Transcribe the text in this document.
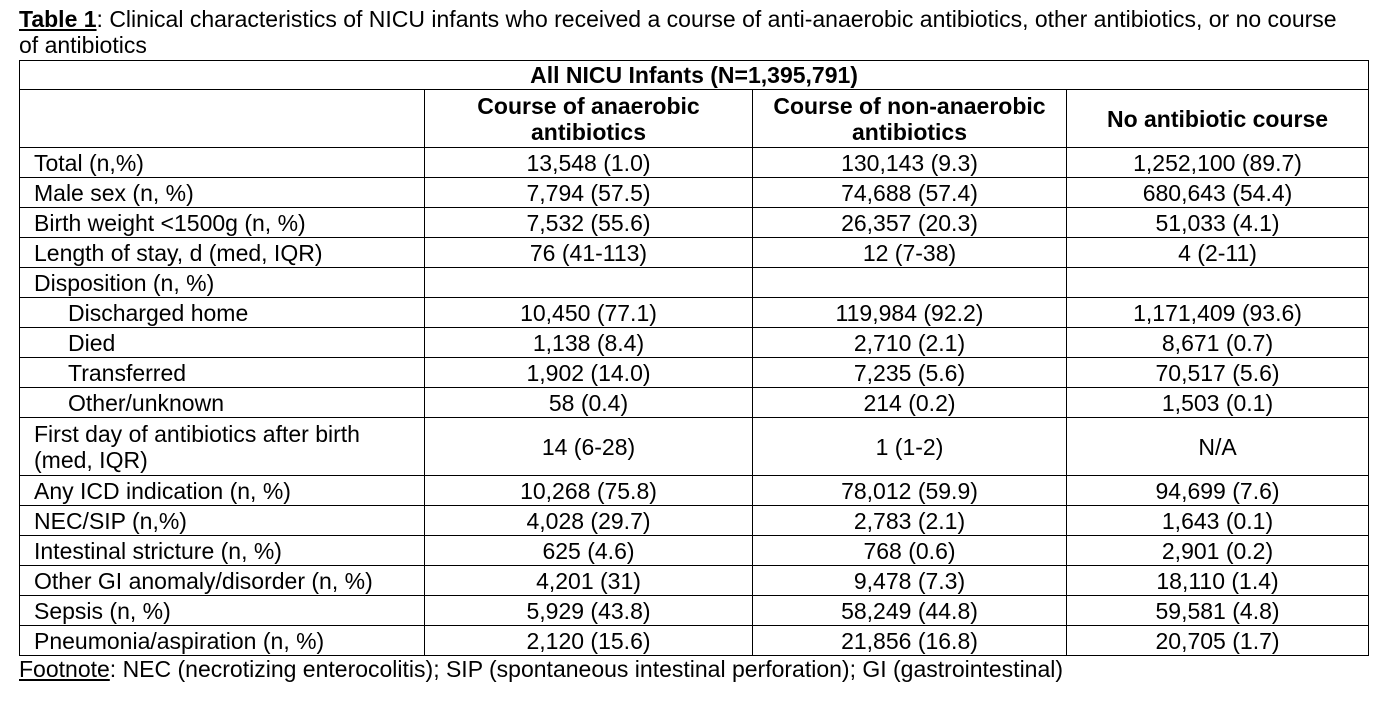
Table 1: Clinical characteristics of NICU infants who received a course of anti-anaerobic antibiotics, other antibiotics, or no course of antibiotics
All NICU Infants (N=1,395,791)			
	Course of anaerobic antibiotics	Course of non-anaerobic antibiotics	No antibiotic course
Total (n,%)	13,548 (1.0)	130,143 (9.3)	1,252,100 (89.7)
Male sex (n, %)	7,794 (57.5)	74,688 (57.4)	680,643 (54.4)
Birth weight <1500g (n, %)	7,532 (55.6)	26,357 (20.3)	51,033 (4.1)
Length of stay, d (med, IQR)	76 (41-113)	12 (7-38)	4 (2-11)
Disposition (n, %)			
Discharged home	10,450 (77.1)	119,984 (92.2)	1,171,409 (93.6)
Died	1,138 (8.4)	2,710 (2.1)	8,671 (0.7)
Transferred	1,902 (14.0)	7,235 (5.6)	70,517 (5.6)
Other/unknown	58 (0.4)	214 (0.2)	1,503 (0.1)
First day of antibiotics after birth (med, IQR)	14 (6-28)	1 (1-2)	N/A
Any ICD indication (n, %)	10,268 (75.8)	78,012 (59.9)	94,699 (7.6)
NEC/SIP (n,%)	4,028 (29.7)	2,783 (2.1)	1,643 (0.1)
Intestinal stricture (n, %)	625 (4.6)	768 (0.6)	2,901 (0.2)
Other GI anomaly/disorder (n, %)	4,201 (31)	9,478 (7.3)	18,110 (1.4)
Sepsis (n, %)	5,929 (43.8)	58,249 (44.8)	59,581 (4.8)
Pneumonia/aspiration (n, %)	2,120 (15.6)	21,856 (16.8)	20,705 (1.7)
Footnote: NEC (necrotizing enterocolitis); SIP (spontaneous intestinal perforation); GI (gastrointestinal)
